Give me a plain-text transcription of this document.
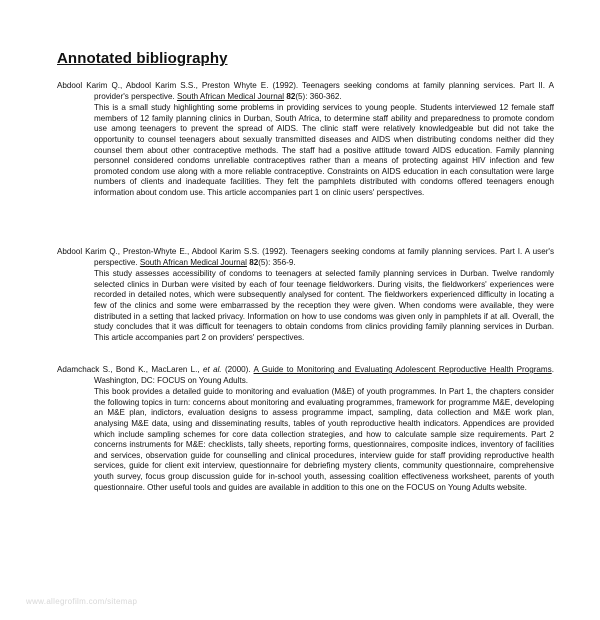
Annotated bibliography
Abdool Karim Q., Abdool Karim S.S., Preston Whyte E. (1992). Teenagers seeking condoms at family planning services. Part II. A provider's perspective. South African Medical Journal 82(5): 360-362.
This is a small study highlighting some problems in providing services to young people. Students interviewed 12 female staff members of 12 family planning clinics in Durban, South Africa, to determine staff ability and preparedness to promote condom use among teenagers to prevent the spread of AIDS. The clinic staff were relatively knowledgeable but did not take the opportunity to counsel teenagers about sexually transmitted diseases and AIDS when distributing condoms neither did they counsel them about other contraceptive methods. The staff had a positive attitude toward AIDS education. Family planning personnel considered condoms unreliable contraceptives rather than a means of protecting against HIV infection and few promoted condom use along with a more reliable contraceptive. Constraints on AIDS education in each consultation were large numbers of clients and inadequate facilities. They felt the pamphlets distributed with condoms offered teenagers enough information about condom use. This article accompanies part 1 on clinic users' perspectives.
Abdool Karim Q., Preston-Whyte E., Abdool Karim S.S. (1992). Teenagers seeking condoms at family planning services. Part I. A user's perspective. South African Medical Journal 82(5): 356-9.
This study assesses accessibility of condoms to teenagers at selected family planning services in Durban. Twelve randomly selected clinics in Durban were visited by each of four teenage fieldworkers. During visits, the fieldworkers' experiences were recorded in detailed notes, which were subsequently analysed for content. The fieldworkers experienced difficulty in locating a few of the clinics and some were embarrassed by the reception they were given. When condoms were available, they were distributed in a setting that lacked privacy. Information on how to use condoms was given only in pamphlets if at all. Overall, the study concludes that it was difficult for teenagers to obtain condoms from clinics providing family planning services in Durban. This article accompanies part 2 on providers' perspectives.
Adamchack S., Bond K., MacLaren L., et al. (2000). A Guide to Monitoring and Evaluating Adolescent Reproductive Health Programs. Washington, DC: FOCUS on Young Adults.
This book provides a detailed guide to monitoring and evaluation (M&E) of youth programmes. In Part 1, the chapters consider the following topics in turn: concerns about monitoring and evaluating programmes, framework for programme M&E, developing an M&E plan, indictors, evaluation designs to assess programme impact, sampling, data collection and M&E work plan, analysing M&E data, using and disseminating results, tables of youth reproductive health indicators. Appendices are provided which include sampling schemes for core data collection strategies, and how to calculate sample size requirements. Part 2 concerns instruments for M&E: checklists, tally sheets, reporting forms, questionnaires, composite indices, inventory of facilities and services, observation guide for counselling and clinical procedures, interview guide for staff providing reproductive health services, guide for client exit interview, questionnaire for debriefing mystery clients, community questionnaire, comprehensive youth survey, focus group discussion guide for in-school youth, assessing coalition effectiveness worksheet, parents of youth questionnaire. Other useful tools and guides are available in addition to this one on the FOCUS on Young Adults website.
www.allegrofilm.com/sitemap
